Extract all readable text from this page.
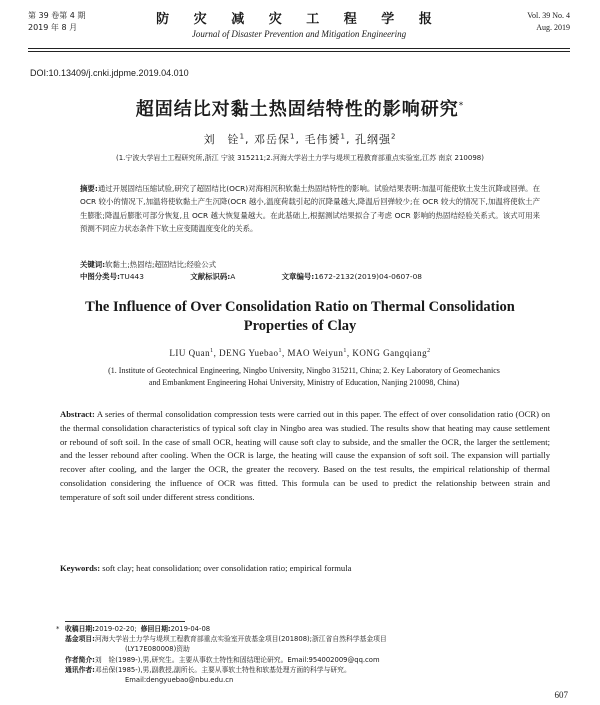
第 39 卷第 4 期
2019 年 8 月
防 灾 减 灾 工 程 学 报
Journal of Disaster Prevention and Mitigation Engineering
Vol. 39 No. 4
Aug. 2019
DOI:10.13409/j.cnki.jdpme.2019.04.010
超固结比对黏土热固结特性的影响研究*
刘　铨$^1$, 邓岳保$^1$, 毛伟赟$^1$, 孔纲强$^2$
(1.宁波大学岩土工程研究所,浙江 宁波 315211;2.河海大学岩土力学与堤坝工程教育部重点实验室,江苏 南京 210098)
摘要:通过开展固结压缩试验,研究了超固结比(OCR)对海相沉积软黏土热固结特性的影响。试验结果表明:加温可能使软土发生沉降或回弹。在 OCR 较小的情况下,加温将使软黏土产生沉降(OCR 越小,温度荷载引起的沉降量越大,降温后回弹较少;在 OCR 较大的情况下,加温将使软土产生膨胀;降温后膨胀可部分恢复,且 OCR 越大恢复量越大。在此基础上,根据测试结果拟合了考虑 OCR 影响的热固结经验关系式。该式可用来预测不同应力状态条件下软土应变随温度变化的关系。
关键词:软黏土;热固结;超固结比;经验公式
中图分类号:TU443	文献标识码:A	文章编号:1672-2132(2019)04-0607-08
The Influence of Over Consolidation Ratio on Thermal Consolidation
Properties of Clay
LIU Quan$^1$, DENG Yuebao$^1$, MAO Weiyun$^1$, KONG Gangqiang$^2$
(1. Institute of Geotechnical Engineering, Ningbo University, Ningbo 315211, China; 2. Key Laboratory of Geomechanics
and Embankment Engineering Hohai University, Ministry of Education, Nanjing 210098, China)
Abstract: A series of thermal consolidation compression tests were carried out in this paper. The effect of over consolidation ratio (OCR) on the thermal consolidation characteristics of typical soft clay in Ningbo area was studied. The results show that heating may cause settlement or rebound of soft soil. In the case of small OCR, heating will cause soft clay to subside, and the smaller the OCR, the larger the settlement; and the lesser rebound after cooling. When the OCR is large, the heating will cause the expansion of soft soil. The expansion will partially recover after cooling, and the larger the OCR, the greater the recovery. Based on the test results, the empirical relationship of thermal consolidation considering the influence of OCR was fitted. This formula can be used to predict the relationship between strain and temperature of soft soil under different stress conditions.
Keywords: soft clay; heat consolidation; over consolidation ratio; empirical formula
* 收稿日期: 2019-02-20; 修回日期: 2019-04-08
基金项目: 河海大学岩土力学与堤坝工程教育部重点实验室开放基金项目(201808);浙江省自然科学基金项目
(LY17E080008)资助
作者简介: 刘　铨(1989-),男,研究生。主要从事软土特性和固结理论研究。Email:954002009@qq.com
通讯作者: 邓岳保(1985-),男,副教授,副所长。主要从事软土特性和软基处理方面的科学与研究。
Email:dengyuebao@nbu.edu.cn
607
